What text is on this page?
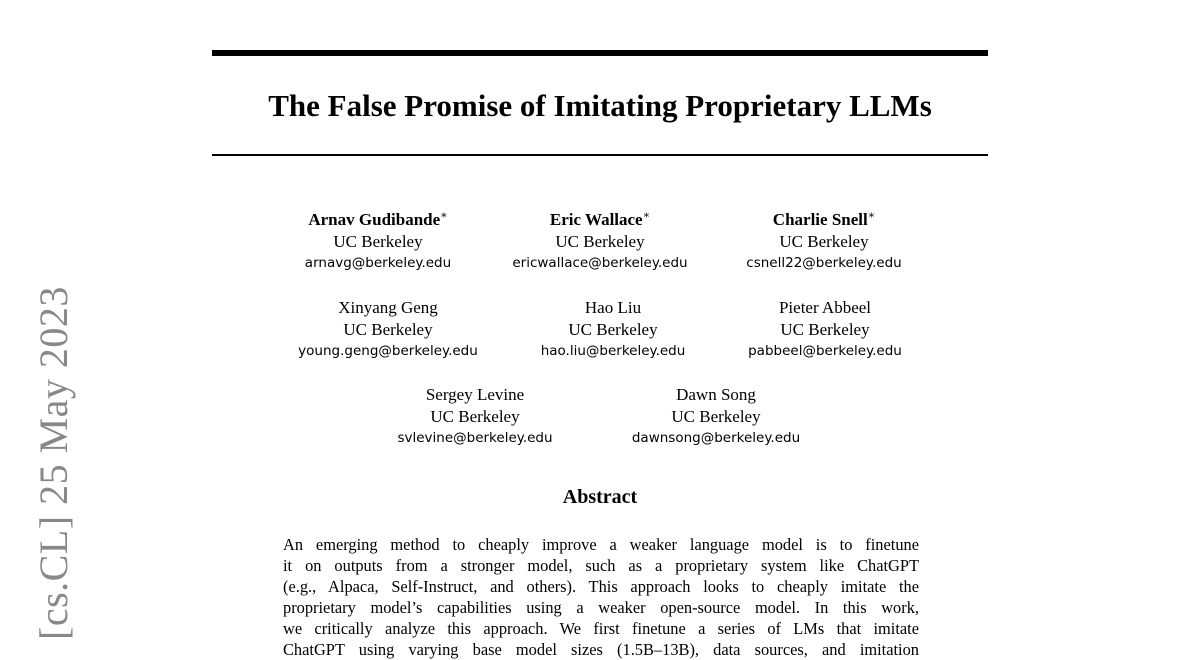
[cs.CL] 25 May 2023
The False Promise of Imitating Proprietary LLMs
Arnav Gudibande∗
UC Berkeley
arnavg@berkeley.edu
Eric Wallace∗
UC Berkeley
ericwallace@berkeley.edu
Charlie Snell∗
UC Berkeley
csnell22@berkeley.edu
Xinyang Geng
UC Berkeley
young.geng@berkeley.edu
Hao Liu
UC Berkeley
hao.liu@berkeley.edu
Pieter Abbeel
UC Berkeley
pabbeel@berkeley.edu
Sergey Levine
UC Berkeley
svlevine@berkeley.edu
Dawn Song
UC Berkeley
dawnsong@berkeley.edu
Abstract
An emerging method to cheaply improve a weaker language model is to finetune
it on outputs from a stronger model, such as a proprietary system like ChatGPT
(e.g., Alpaca, Self-Instruct, and others). This approach looks to cheaply imitate the
proprietary model’s capabilities using a weaker open-source model. In this work,
we critically analyze this approach. We first finetune a series of LMs that imitate
ChatGPT using varying base model sizes (1.5B–13B), data sources, and imitation
